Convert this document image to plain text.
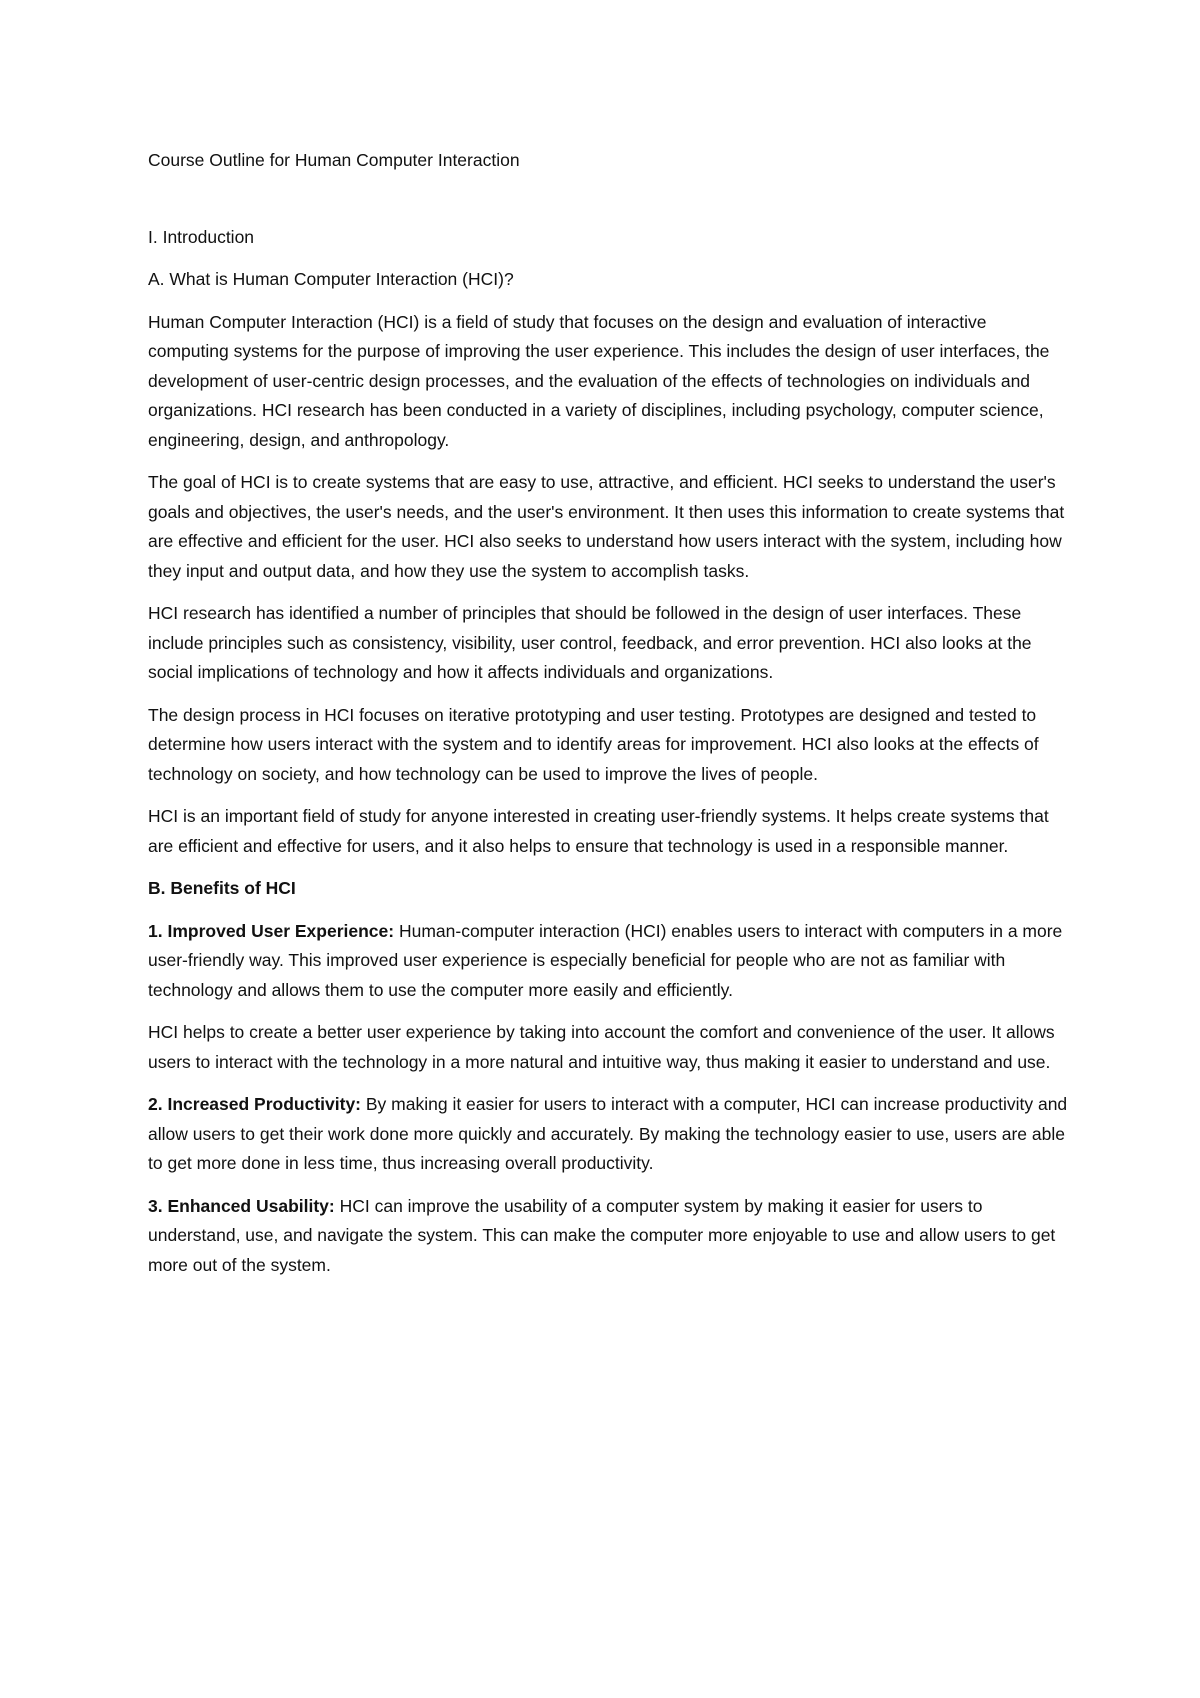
Course Outline for Human Computer Interaction

I. Introduction

A. What is Human Computer Interaction (HCI)?

Human Computer Interaction (HCI) is a field of study that focuses on the design and evaluation of interactive computing systems for the purpose of improving the user experience. This includes the design of user interfaces, the development of user-centric design processes, and the evaluation of the effects of technologies on individuals and organizations. HCI research has been conducted in a variety of disciplines, including psychology, computer science, engineering, design, and anthropology.

The goal of HCI is to create systems that are easy to use, attractive, and efficient. HCI seeks to understand the user's goals and objectives, the user's needs, and the user's environment. It then uses this information to create systems that are effective and efficient for the user. HCI also seeks to understand how users interact with the system, including how they input and output data, and how they use the system to accomplish tasks.

HCI research has identified a number of principles that should be followed in the design of user interfaces. These include principles such as consistency, visibility, user control, feedback, and error prevention. HCI also looks at the social implications of technology and how it affects individuals and organizations.

The design process in HCI focuses on iterative prototyping and user testing. Prototypes are designed and tested to determine how users interact with the system and to identify areas for improvement. HCI also looks at the effects of technology on society, and how technology can be used to improve the lives of people.

HCI is an important field of study for anyone interested in creating user-friendly systems. It helps create systems that are efficient and effective for users, and it also helps to ensure that technology is used in a responsible manner.

B. Benefits of HCI

1. Improved User Experience: Human-computer interaction (HCI) enables users to interact with computers in a more user-friendly way. This improved user experience is especially beneficial for people who are not as familiar with technology and allows them to use the computer more easily and efficiently.

HCI helps to create a better user experience by taking into account the comfort and convenience of the user. It allows users to interact with the technology in a more natural and intuitive way, thus making it easier to understand and use.

2. Increased Productivity: By making it easier for users to interact with a computer, HCI can increase productivity and allow users to get their work done more quickly and accurately. By making the technology easier to use, users are able to get more done in less time, thus increasing overall productivity.

3. Enhanced Usability: HCI can improve the usability of a computer system by making it easier for users to understand, use, and navigate the system. This can make the computer more enjoyable to use and allow users to get more out of the system.
